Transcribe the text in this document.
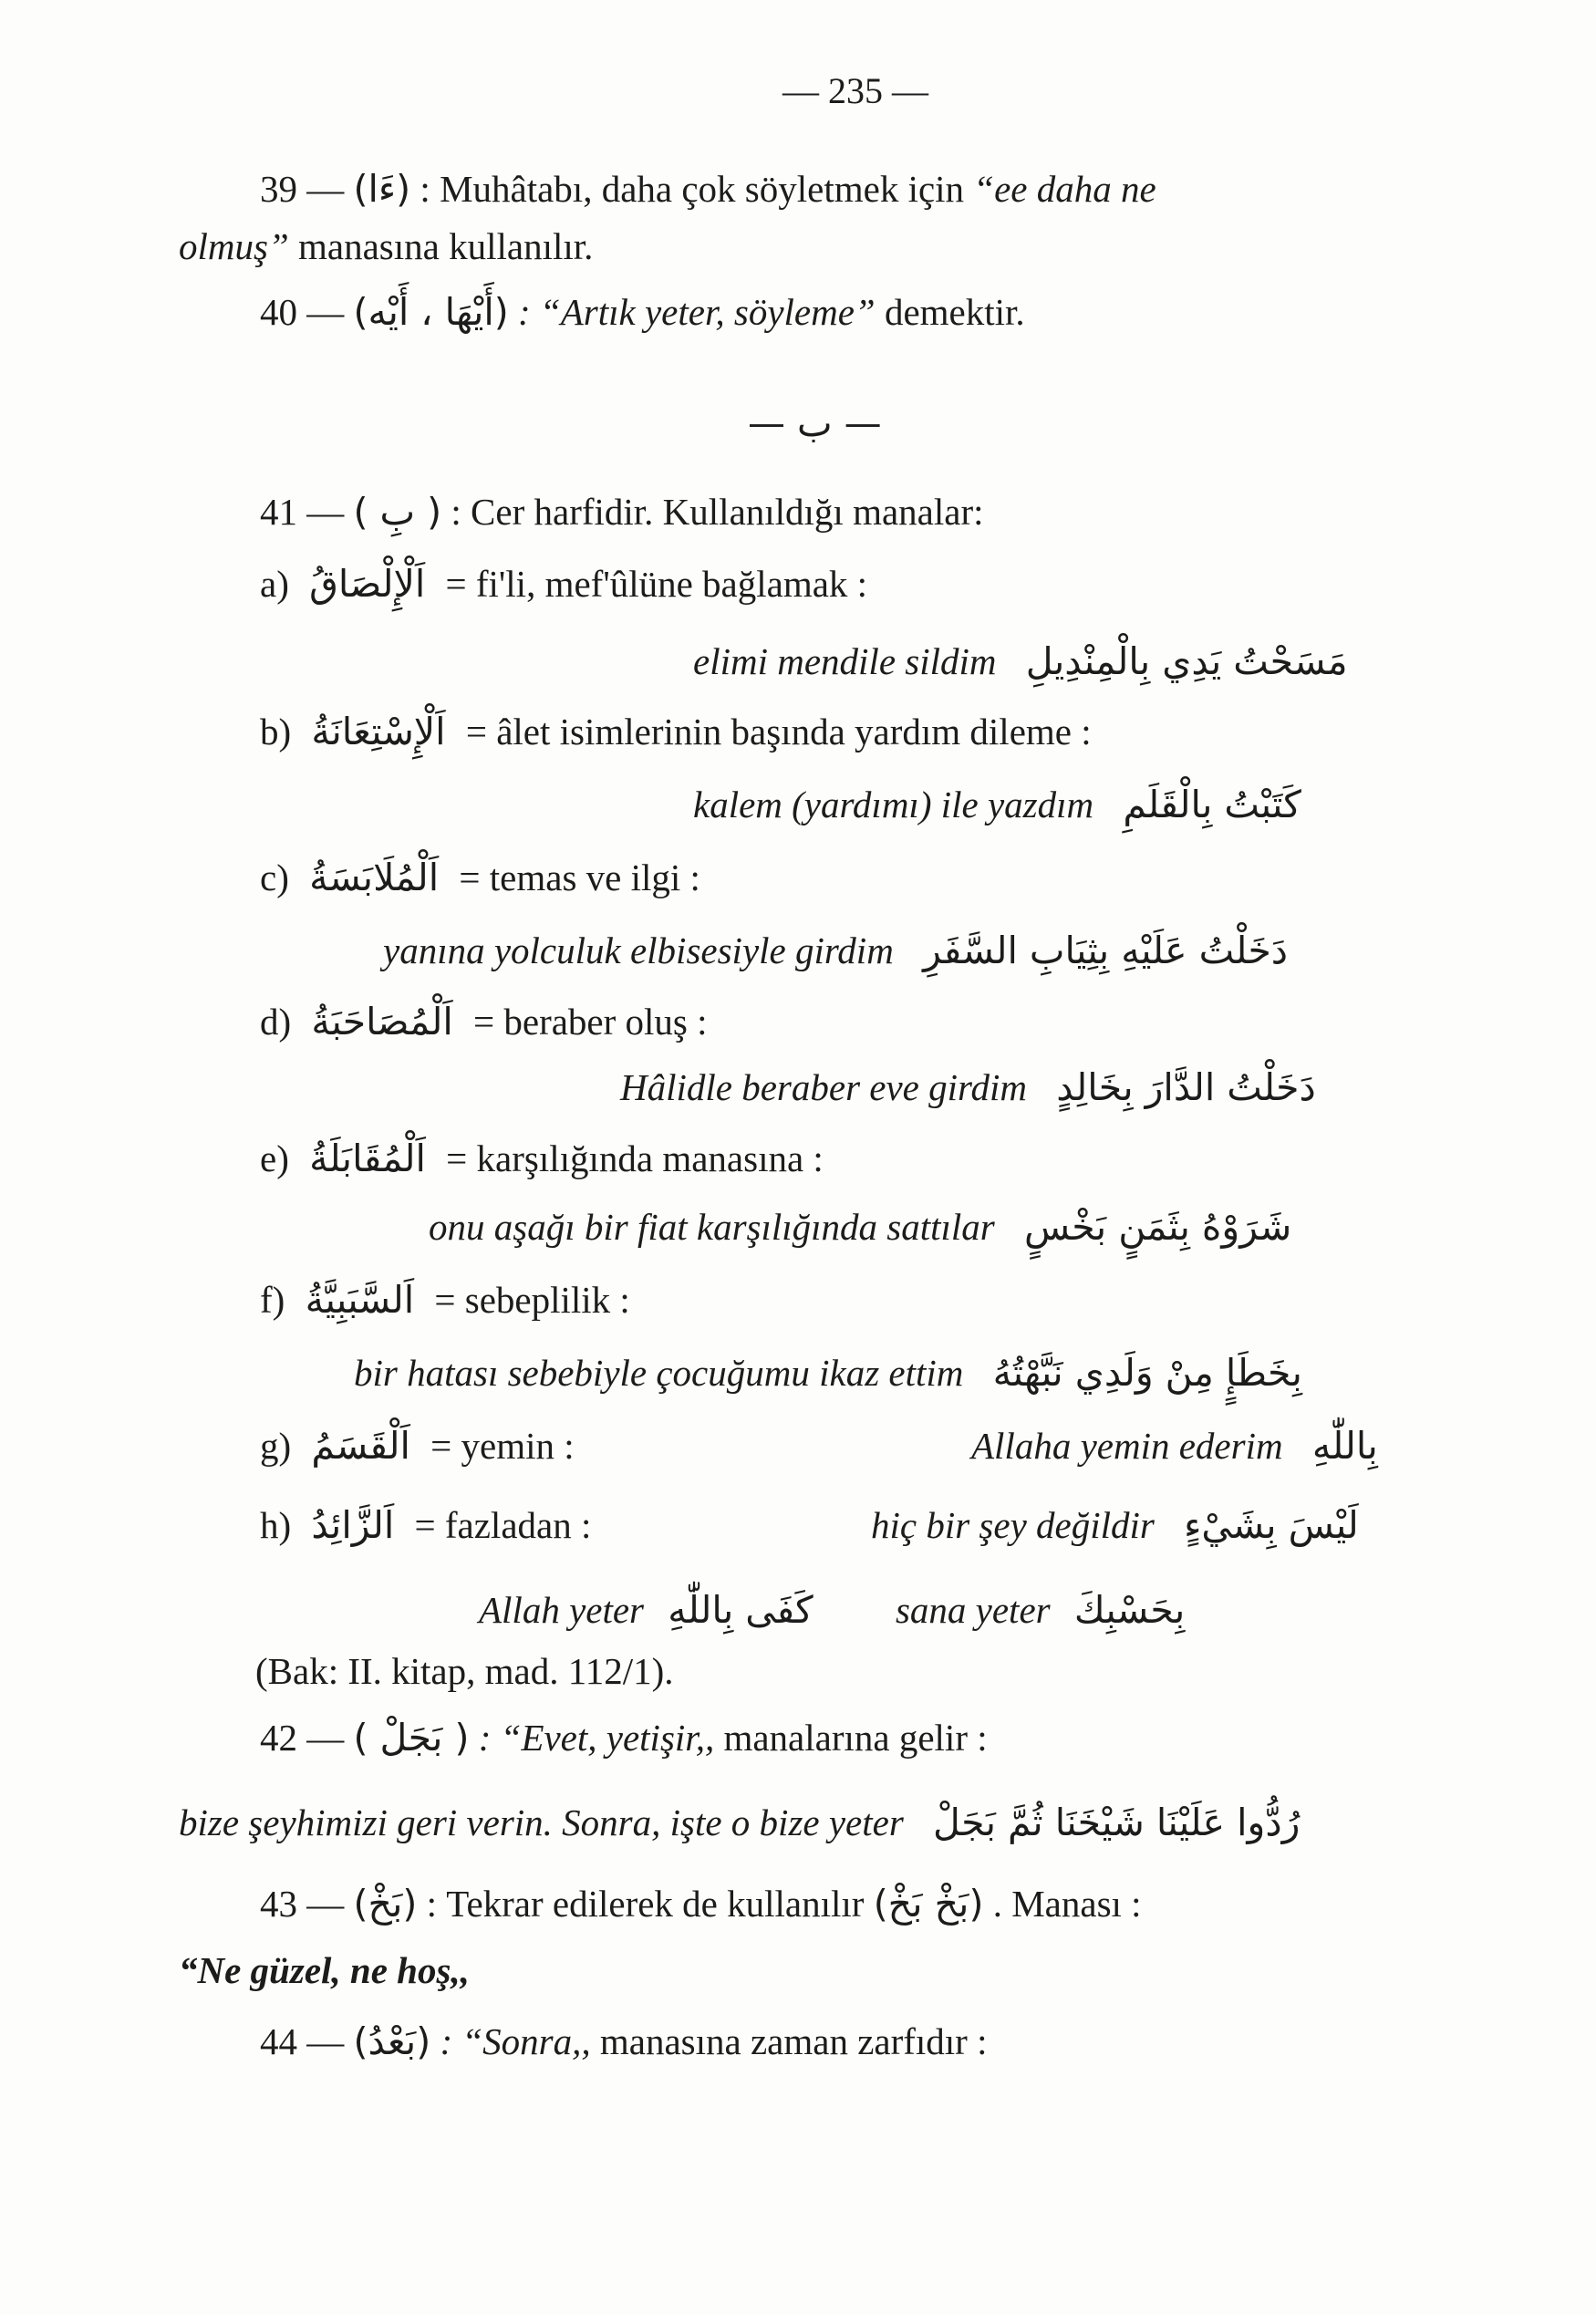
— 235 —
39 — (ءَا) : Muhâtabı, daha çok söyletmek için “ee daha ne
olmuş” manasına kullanılır.
40 — (أَيْهَا ، أَيْه) : “Artık yeter, söyleme” demektir.
— ب —
41 — ( بِ ) : Cer harfidir. Kullanıldığı manalar:
a) اَلْإِلْصَاقُ = fi'li, mef'ûlüne bağlamak :
elimi mendile sildim مَسَحْتُ يَدِي بِالْمِنْدِيلِ
b) اَلْإِسْتِعَانَةُ = âlet isimlerinin başında yardım dileme :
kalem (yardımı) ile yazdım كَتَبْتُ بِالْقَلَمِ
c) اَلْمُلَابَسَةُ = temas ve ilgi :
yanına yolculuk elbisesiyle girdim دَخَلْتُ عَلَيْهِ بِثِيَابِ السَّفَرِ
d) اَلْمُصَاحَبَةُ = beraber oluş :
Hâlidle beraber eve girdim دَخَلْتُ الدَّارَ بِخَالِدٍ
e) اَلْمُقَابَلَةُ = karşılığında manasına :
onu aşağı bir fiat karşılığında sattılar شَرَوْهُ بِثَمَنٍ بَخْسٍ
f) اَلسَّبَبِيَّةُ = sebeplilik :
bir hatası sebebiyle çocuğumu ikaz ettim بِخَطَإٍ مِنْ وَلَدِي نَبَّهْتُهُ
g) اَلْقَسَمُ = yemin :	Allaha yemin ederim بِاللّٰهِ
h) اَلزَّائِدُ = fazladan :	hiç bir şey değildir لَيْسَ بِشَيْءٍ
Allah yeter كَفَى بِاللّٰهِ sana yeter بِحَسْبِكَ
(Bak: II. kitap, mad. 112/1).
42 — ( بَجَلْ ) : “Evet, yetişir,, manalarına gelir :
bize şeyhimizi geri verin. Sonra, işte o bize yeter رُدُّوا عَلَيْنَا شَيْخَنَا ثُمَّ بَجَلْ
43 — (بَخْ) : Tekrar edilerek de kullanılır (بَخْ بَخْ) . Manası :
“Ne güzel, ne hoş,,
44 — (بَعْدُ) : “Sonra,, manasına zaman zarfıdır :
